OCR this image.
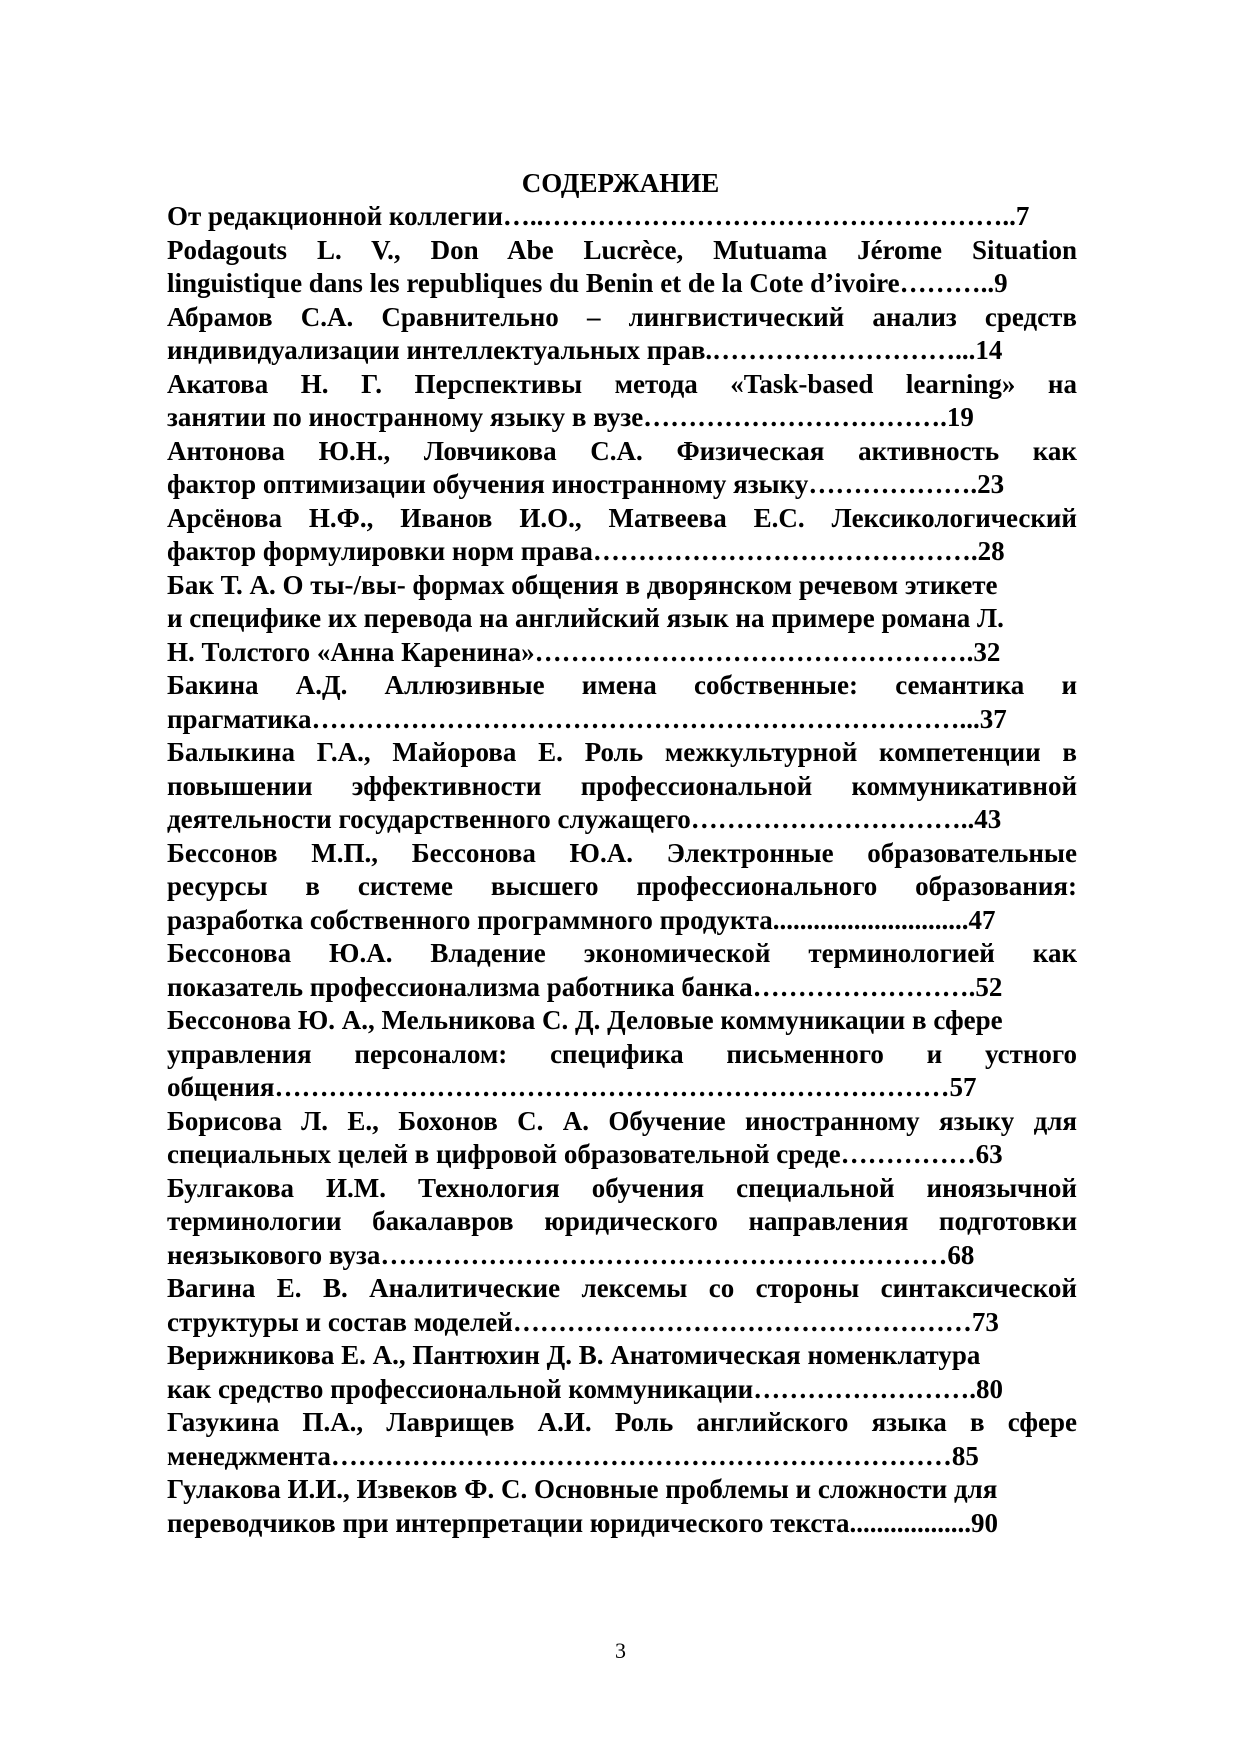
СОДЕРЖАНИЕ
От редакционной коллегии…..……………………………………………..7
Podagouts L. V., Don Abe Lucrèce, Mutuama Jérome Situation
linguistique dans les republiques du Benin et de la Cote d’ivoire………..9
Абрамов С.А. Сравнительно – лингвистический анализ средств
индивидуализации интеллектуальных прав.………………………...14
Акатова Н. Г. Перспективы метода «Task-based learning» на
занятии по иностранному языку в вузе…………………………….19
Антонова Ю.Н., Ловчикова С.А. Физическая активность как
фактор оптимизации обучения иностранному языку……………….23
Арсёнова Н.Ф., Иванов И.О., Матвеева Е.С. Лексикологический
фактор формулировки норм права…………………………………….28
Бак Т. А. О ты-/вы- формах общения в дворянском речевом этикете
и специфике их перевода на английский язык на примере романа Л.
Н. Толстого «Анна Каренина»………………………………………….32
Бакина А.Д. Аллюзивные имена собственные: семантика и
прагматика………………………………………………………………...37
Балыкина Г.А., Майорова Е. Роль межкультурной компетенции в
повышении эффективности профессиональной коммуникативной
деятельности государственного служащего…………………………..43
Бессонов М.П., Бессонова Ю.А. Электронные образовательные
ресурсы в системе высшего профессионального образования:
разработка собственного программного продукта.............................47
Бессонова Ю.А. Владение экономической терминологией как
показатель профессионализма работника банка…………………….52
Бессонова Ю. А., Мельникова С. Д. Деловые коммуникации в сфере
управления персоналом: специфика письменного и устного
общения…………………………………………………………………57
Борисова Л. Е., Бохонов С. А. Обучение иностранному языку для
специальных целей в цифровой образовательной среде……………63
Булгакова И.М. Технология обучения специальной иноязычной
терминологии бакалавров юридического направления подготовки
неязыкового вуза………………………………………………………68
Вагина Е. В. Аналитические лексемы со стороны синтаксической
структуры и состав моделей……………………………………………73
Верижникова Е. А., Пантюхин Д. В. Анатомическая номенклатура
как средство профессиональной коммуникации…………………….80
Газукина П.А., Лаврищев А.И. Роль английского языка в сфере
менеджмента……………………………………………………………85
Гулакова И.И., Извеков Ф. С. Основные проблемы и сложности для
переводчиков при интерпретации юридического текста..................90
3
